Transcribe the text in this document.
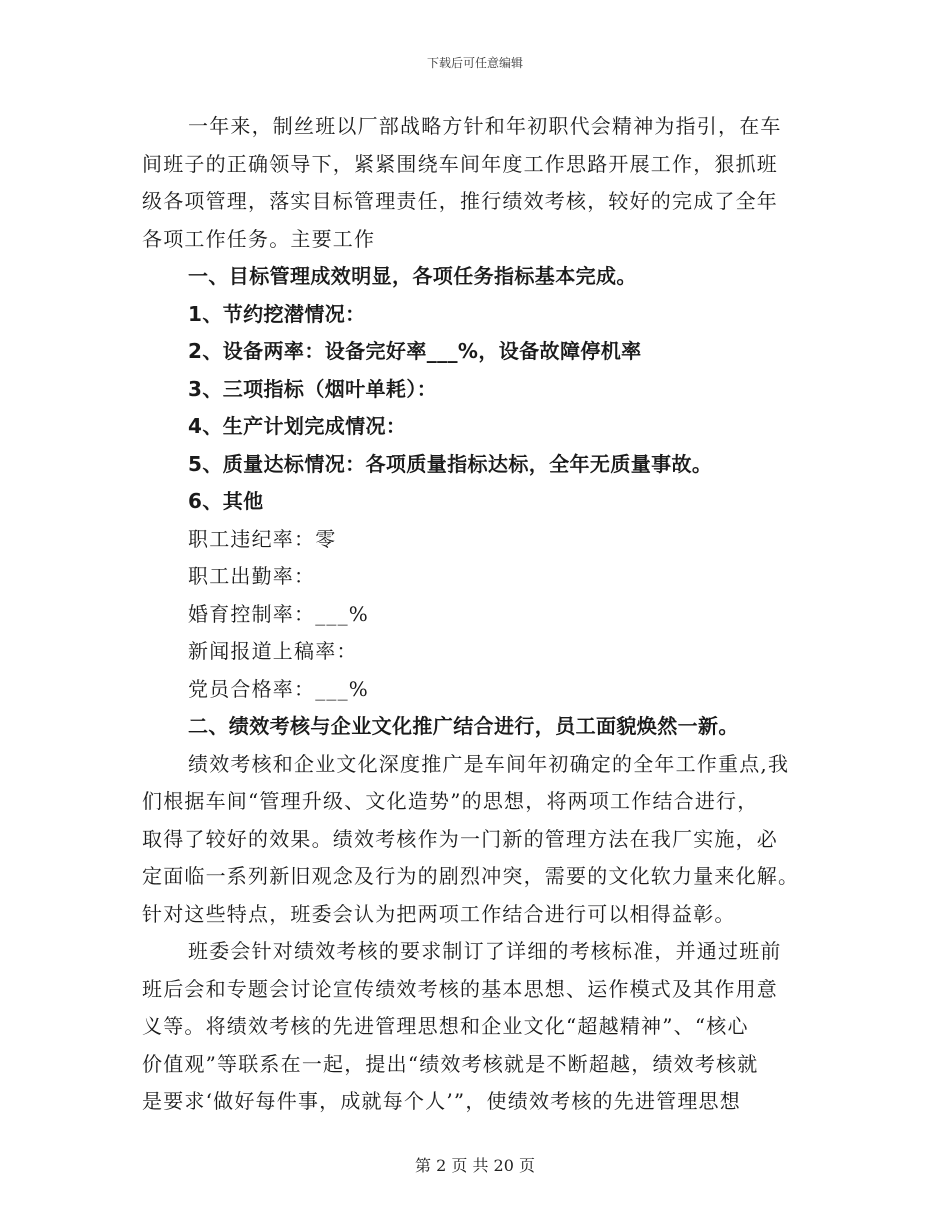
下载后可任意编辑
一年来，制丝班以厂部战略方针和年初职代会精神为指引，在车
间班子的正确领导下，紧紧围绕车间年度工作思路开展工作，狠抓班
级各项管理，落实目标管理责任，推行绩效考核，较好的完成了全年
各项工作任务。主要工作
一、目标管理成效明显，各项任务指标基本完成。
1、节约挖潜情况：
2、设备两率：设备完好率___%，设备故障停机率
3、三项指标（烟叶单耗）：
4、生产计划完成情况：
5、质量达标情况：各项质量指标达标，全年无质量事故。
6、其他
职工违纪率：零
职工出勤率：
婚育控制率：___%
新闻报道上稿率：
党员合格率：___%
二、绩效考核与企业文化推广结合进行，员工面貌焕然一新。
绩效考核和企业文化深度推广是车间年初确定的全年工作重点,我
们根据车间“管理升级、文化造势”的思想，将两项工作结合进行，
取得了较好的效果。绩效考核作为一门新的管理方法在我厂实施，必
定面临一系列新旧观念及行为的剧烈冲突，需要的文化软力量来化解。
针对这些特点，班委会认为把两项工作结合进行可以相得益彰。
班委会针对绩效考核的要求制订了详细的考核标准，并通过班前
班后会和专题会讨论宣传绩效考核的基本思想、运作模式及其作用意
义等。将绩效考核的先进管理思想和企业文化“超越精神”、“核心
价值观”等联系在一起，提出“绩效考核就是不断超越，绩效考核就
是要求‘做好每件事，成就每个人’”，使绩效考核的先进管理思想
第 2 页 共 20 页
